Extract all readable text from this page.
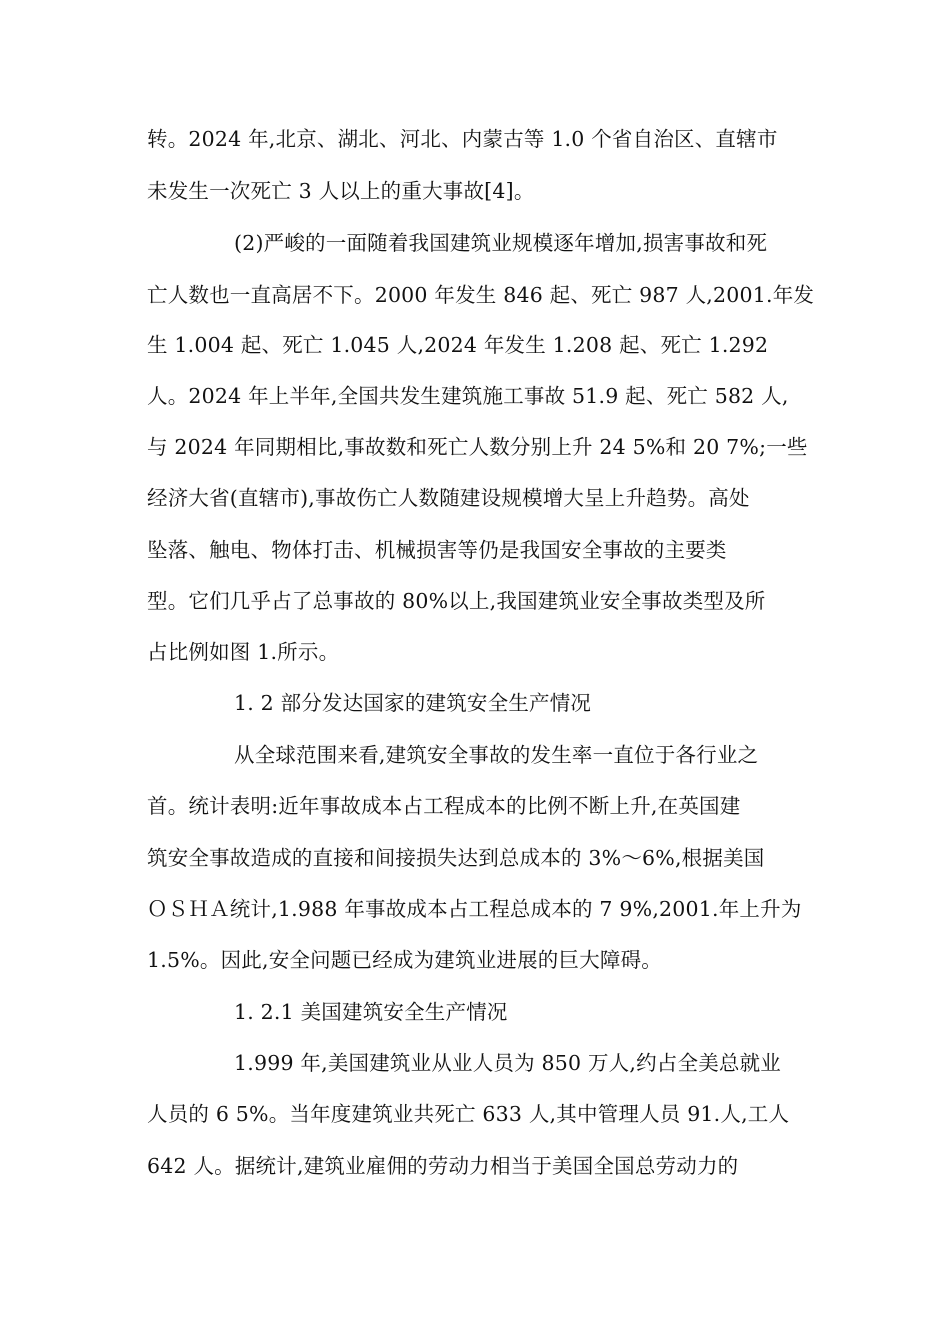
转。2024 年,北京、湖北、河北、内蒙古等 1.0 个省自治区、直辖市
未发生一次死亡 3 人以上的重大事故[4]。
(2)严峻的一面随着我国建筑业规模逐年增加,损害事故和死
亡人数也一直高居不下。2000 年发生 846 起、死亡 987 人,2001.年发
生 1.004 起、死亡 1.045 人,2024 年发生 1.208 起、死亡 1.292
人。2024 年上半年,全国共发生建筑施工事故 51.9 起、死亡 582 人,
与 2024 年同期相比,事故数和死亡人数分别上升 24 5%和 20 7%;一些
经济大省(直辖市),事故伤亡人数随建设规模增大呈上升趋势。高处
坠落、触电、物体打击、机械损害等仍是我国安全事故的主要类
型。它们几乎占了总事故的 80%以上,我国建筑业安全事故类型及所
占比例如图 1.所示。
1. 2 部分发达国家的建筑安全生产情况
从全球范围来看,建筑安全事故的发生率一直位于各行业之
首。统计表明:近年事故成本占工程成本的比例不断上升,在英国建
筑安全事故造成的直接和间接损失达到总成本的 3%～6%,根据美国
ＯＳＨＡ统计,1.988 年事故成本占工程总成本的 7 9%,2001.年上升为
1.5%。因此,安全问题已经成为建筑业进展的巨大障碍。
1. 2.1 美国建筑安全生产情况
1.999 年,美国建筑业从业人员为 850 万人,约占全美总就业
人员的 6 5%。当年度建筑业共死亡 633 人,其中管理人员 91.人,工人
642 人。据统计,建筑业雇佣的劳动力相当于美国全国总劳动力的
